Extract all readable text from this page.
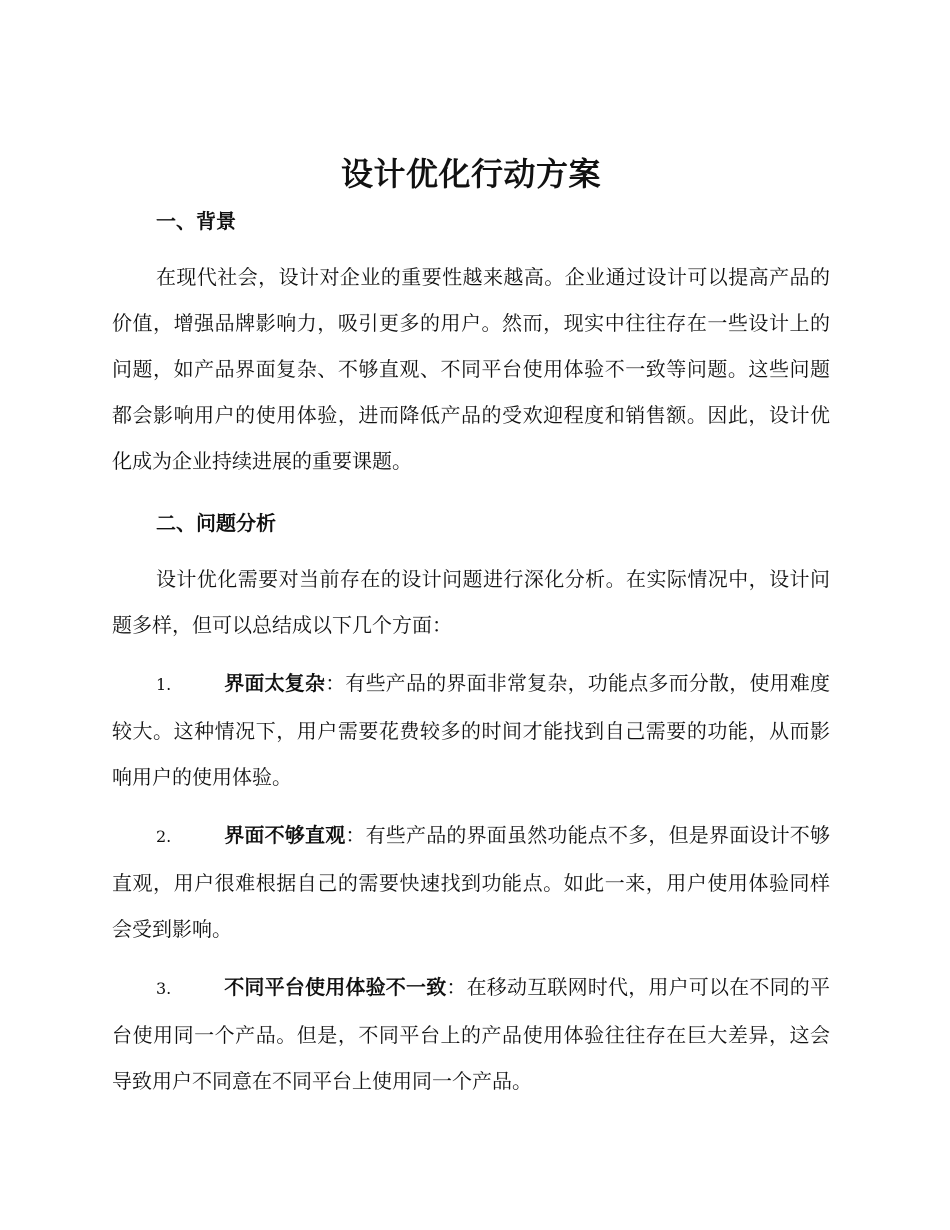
设计优化行动方案
一、背景

在现代社会，设计对企业的重要性越来越高。企业通过设计可以提高产品的价值，增强品牌影响力，吸引更多的用户。然而，现实中往往存在一些设计上的问题，如产品界面复杂、不够直观、不同平台使用体验不一致等问题。这些问题都会影响用户的使用体验，进而降低产品的受欢迎程度和销售额。因此，设计优化成为企业持续进展的重要课题。

二、问题分析

设计优化需要对当前存在的设计问题进行深化分析。在实际情况中，设计问题多样，但可以总结成以下几个方面：

1.	界面太复杂：有些产品的界面非常复杂，功能点多而分散，使用难度较大。这种情况下，用户需要花费较多的时间才能找到自己需要的功能，从而影响用户的使用体验。

2.	界面不够直观：有些产品的界面虽然功能点不多，但是界面设计不够直观，用户很难根据自己的需要快速找到功能点。如此一来，用户使用体验同样会受到影响。

3.	不同平台使用体验不一致：在移动互联网时代，用户可以在不同的平台使用同一个产品。但是，不同平台上的产品使用体验往往存在巨大差异，这会导致用户不同意在不同平台上使用同一个产品。
